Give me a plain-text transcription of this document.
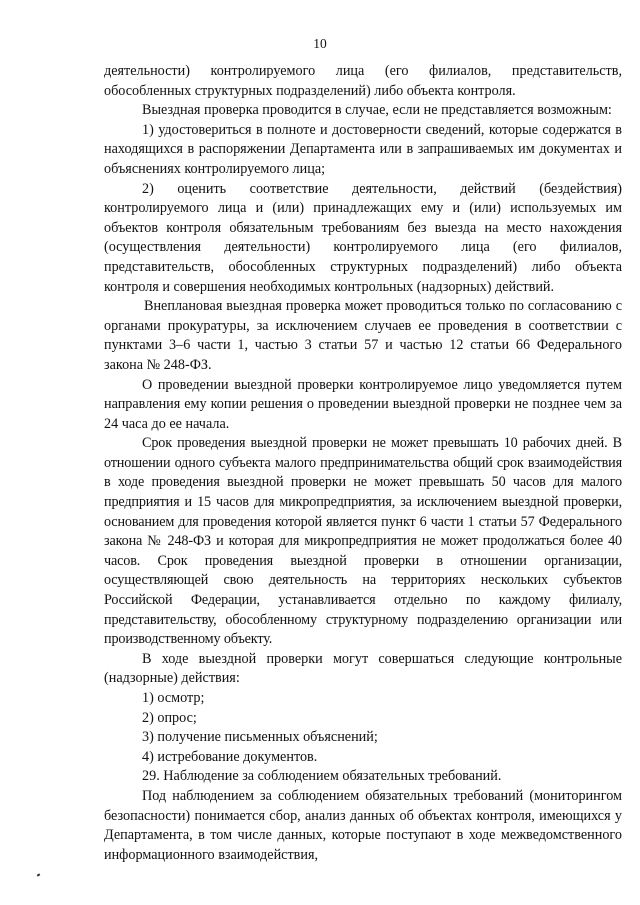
10

деятельности) контролируемого лица (его филиалов, представительств, обособленных структурных подразделений) либо объекта контроля.

Выездная проверка проводится в случае, если не представляется возможным:

1) удостовериться в полноте и достоверности сведений, которые содержатся в находящихся в распоряжении Департамента или в запрашиваемых им документах и объяснениях контролируемого лица;

2) оценить соответствие деятельности, действий (бездействия) контролируемого лица и (или) принадлежащих ему и (или) используемых им объектов контроля обязательным требованиям без выезда на место нахождения (осуществления деятельности) контролируемого лица (его филиалов, представительств, обособленных структурных подразделений) либо объекта контроля и совершения необходимых контрольных (надзорных) действий.

Внеплановая выездная проверка может проводиться только по согласованию с органами прокуратуры, за исключением случаев ее проведения в соответствии с пунктами 3–6 части 1, частью 3 статьи 57 и частью 12 статьи 66 Федерального закона № 248-ФЗ.

О проведении выездной проверки контролируемое лицо уведомляется путем направления ему копии решения о проведении выездной проверки не позднее чем за 24 часа до ее начала.

Срок проведения выездной проверки не может превышать 10 рабочих дней. В отношении одного субъекта малого предпринимательства общий срок взаимодействия в ходе проведения выездной проверки не может превышать 50 часов для малого предприятия и 15 часов для микропредприятия, за исключением выездной проверки, основанием для проведения которой является пункт 6 части 1 статьи 57 Федерального закона № 248-ФЗ и которая для микропредприятия не может продолжаться более 40 часов. Срок проведения выездной проверки в отношении организации, осуществляющей свою деятельность на территориях нескольких субъектов Российской Федерации, устанавливается отдельно по каждому филиалу, представительству, обособленному структурному подразделению организации или производственному объекту.

В ходе выездной проверки могут совершаться следующие контрольные (надзорные) действия:

1) осмотр;

2) опрос;

3) получение письменных объяснений;

4) истребование документов.

29. Наблюдение за соблюдением обязательных требований.

Под наблюдением за соблюдением обязательных требований (мониторингом безопасности) понимается сбор, анализ данных об объектах контроля, имеющихся у Департамента, в том числе данных, которые поступают в ходе межведомственного информационного взаимодействия,
